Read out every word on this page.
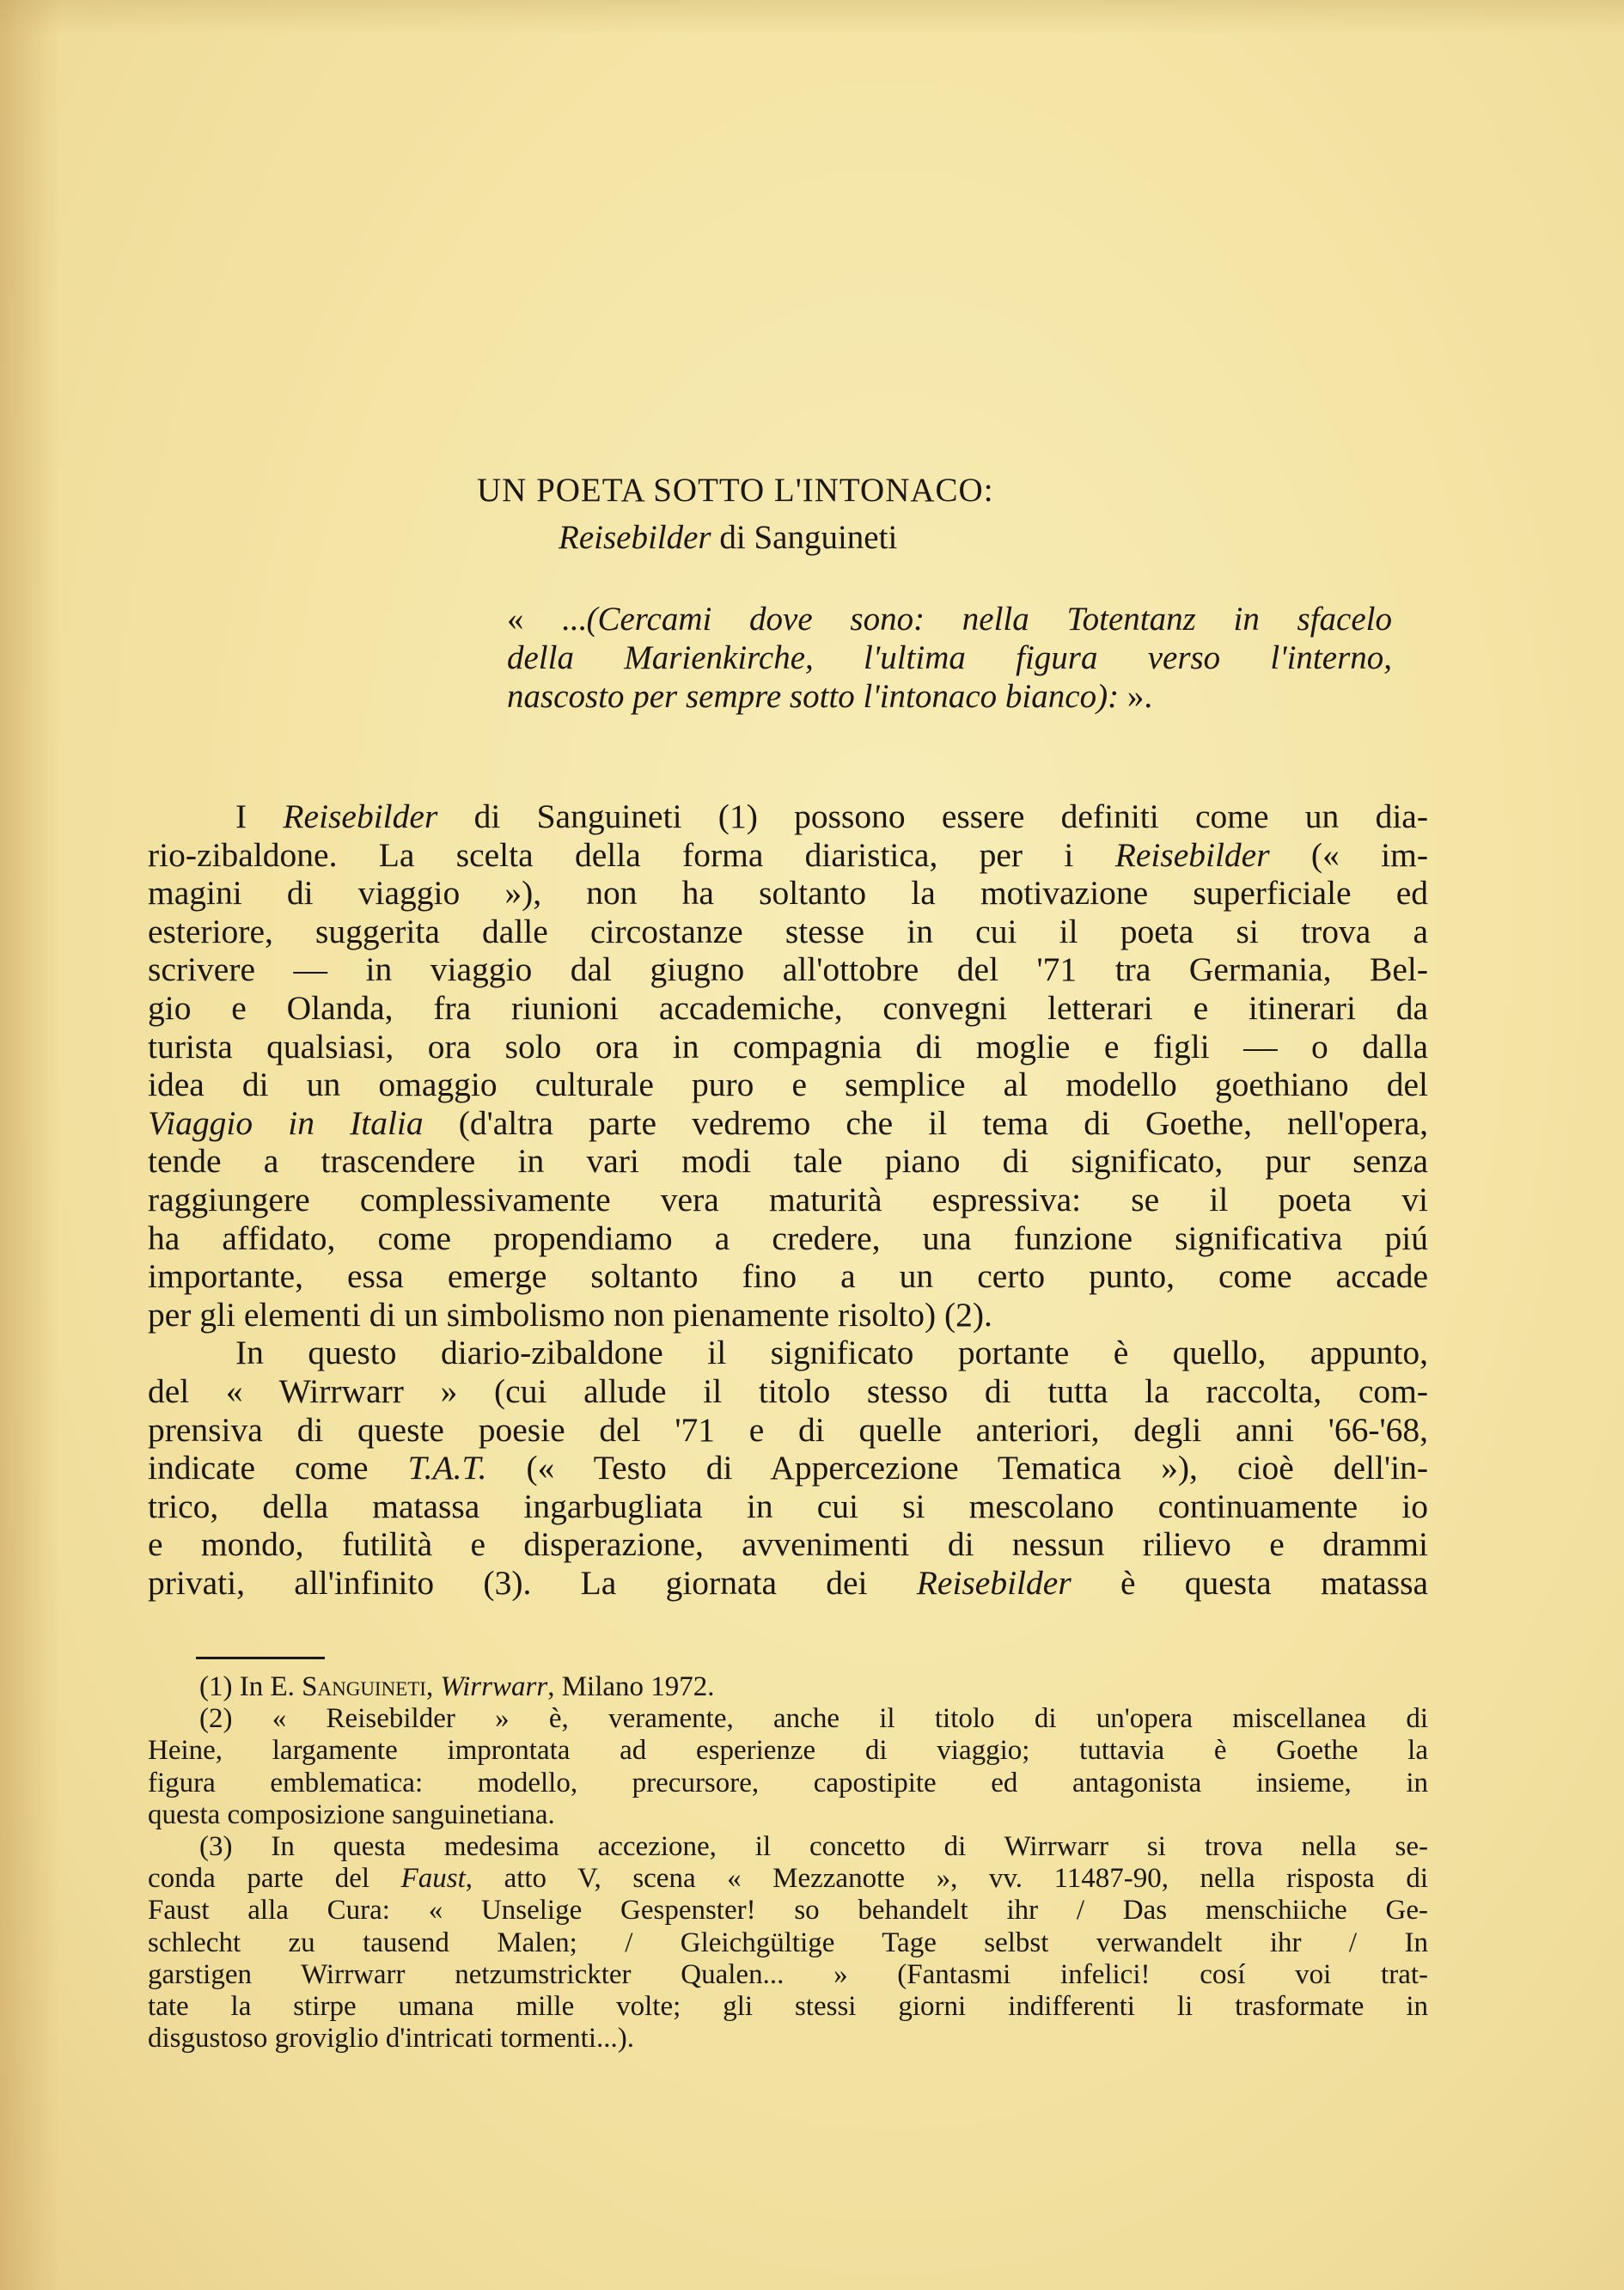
UN POETA SOTTO L'INTONACO:

Reisebilder di Sanguineti

« ...(Cercami dove sono: nella Totentanz in sfacelo
della Marienkirche, l'ultima figura verso l'interno,
nascosto per sempre sotto l'intonaco bianco): ».
I Reisebilder di Sanguineti (1) possono essere definiti come un dia-
rio-zibaldone. La scelta della forma diaristica, per i Reisebilder (« im-
magini di viaggio »), non ha soltanto la motivazione superficiale ed
esteriore, suggerita dalle circostanze stesse in cui il poeta si trova a
scrivere — in viaggio dal giugno all'ottobre del '71 tra Germania, Bel-
gio e Olanda, fra riunioni accademiche, convegni letterari e itinerari da
turista qualsiasi, ora solo ora in compagnia di moglie e figli — o dalla
idea di un omaggio culturale puro e semplice al modello goethiano del
Viaggio in Italia (d'altra parte vedremo che il tema di Goethe, nell'opera,
tende a trascendere in vari modi tale piano di significato, pur senza
raggiungere complessivamente vera maturità espressiva: se il poeta vi
ha affidato, come propendiamo a credere, una funzione significativa piú
importante, essa emerge soltanto fino a un certo punto, come accade
per gli elementi di un simbolismo non pienamente risolto) (2).
In questo diario-zibaldone il significato portante è quello, appunto,
del « Wirrwarr » (cui allude il titolo stesso di tutta la raccolta, com-
prensiva di queste poesie del '71 e di quelle anteriori, degli anni '66-'68,
indicate come T.A.T. (« Testo di Appercezione Tematica »), cioè dell'in-
trico, della matassa ingarbugliata in cui si mescolano continuamente io
e mondo, futilità e disperazione, avvenimenti di nessun rilievo e drammi
privati, all'infinito (3). La giornata dei Reisebilder è questa matassa
(1) In E. Sanguineti, Wirrwarr, Milano 1972.
(2) « Reisebilder » è, veramente, anche il titolo di un'opera miscellanea di
Heine, largamente improntata ad esperienze di viaggio; tuttavia è Goethe la
figura emblematica: modello, precursore, capostipite ed antagonista insieme, in
questa composizione sanguinetiana.
(3) In questa medesima accezione, il concetto di Wirrwarr si trova nella se-
conda parte del Faust, atto V, scena « Mezzanotte », vv. 11487-90, nella risposta di
Faust alla Cura: « Unselige Gespenster! so behandelt ihr / Das menschiiche Ge-
schlecht zu tausend Malen; / Gleichgültige Tage selbst verwandelt ihr / In
garstigen Wirrwarr netzumstrickter Qualen... » (Fantasmi infelici! cosí voi trat-
tate la stirpe umana mille volte; gli stessi giorni indifferenti li trasformate in
disgustoso groviglio d'intricati tormenti...).
